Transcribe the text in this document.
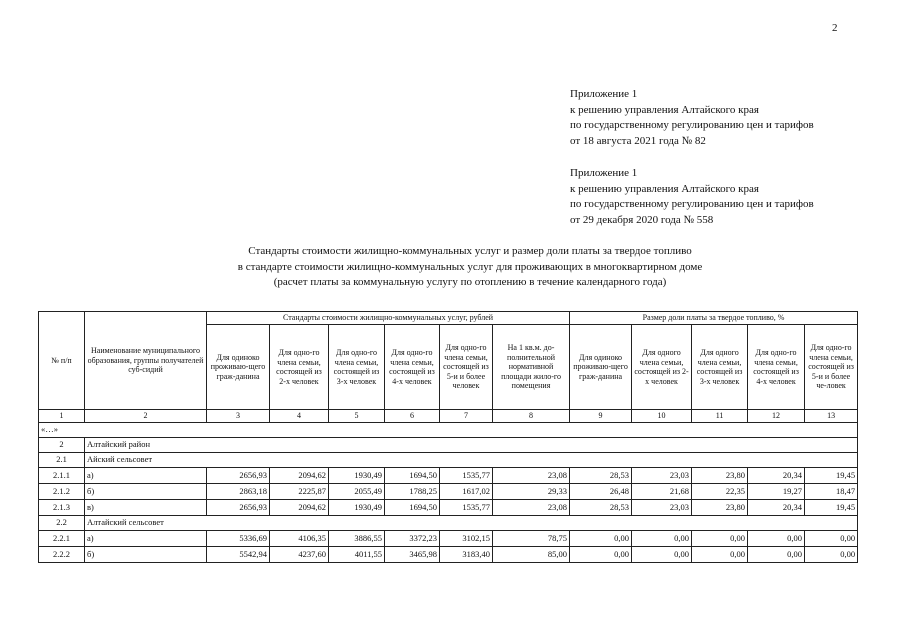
2
Приложение 1
к решению управления Алтайского края
по государственному регулированию цен и тарифов
от 18 августа 2021 года № 82
Приложение 1
к решению управления Алтайского края
по государственному регулированию цен и тарифов
от 29 декабря 2020 года № 558
Стандарты стоимости жилищно-коммунальных услуг и размер доли платы за твердое топливо
в стандарте стоимости жилищно-коммунальных услуг для проживающих в многоквартирном доме
(расчет платы за коммунальную услугу по отоплению в течение календарного года)
№ п/п	Наименование муниципального образования, группы получателей суб-сидий	Стандарты стоимости жилищно-коммунальных услуг, рублей						Размер доли платы за твердое топливо, %				
		Для одиноко проживаю-щего граж-данина	Для одно-го члена семьи, состоящей из 2-х человек	Для одно-го члена семьи, состоящей из 3-х человек	Для одно-го члена семьи, состоящей из 4-х человек	Для одно-го члена семьи, состоящей из 5-и и более человек	На 1 кв.м. до-полнительной нормативной площади жило-го помещения	Для одиноко проживаю-щего граж-данина	Для одного члена семьи, состоящей из 2-х человек	Для одного члена семьи, состоящей из 3-х человек	Для одно-го члена семьи, состоящей из 4-х человек	Для одно-го члена семьи, состоящей из 5-и и более че-ловек
1	2	3	4	5	6	7	8	9	10	11	12	13
«…»												
2	Алтайский район											
2.1	Айский сельсовет											
2.1.1	а)	2656,93	2094,62	1930,49	1694,50	1535,77	23,08	28,53	23,03	23,80	20,34	19,45
2.1.2	б)	2863,18	2225,87	2055,49	1788,25	1617,02	29,33	26,48	21,68	22,35	19,27	18,47
2.1.3	в)	2656,93	2094,62	1930,49	1694,50	1535,77	23,08	28,53	23,03	23,80	20,34	19,45
2.2	Алтайский сельсовет											
2.2.1	а)	5336,69	4106,35	3886,55	3372,23	3102,15	78,75	0,00	0,00	0,00	0,00	0,00
2.2.2	б)	5542,94	4237,60	4011,55	3465,98	3183,40	85,00	0,00	0,00	0,00	0,00	0,00
